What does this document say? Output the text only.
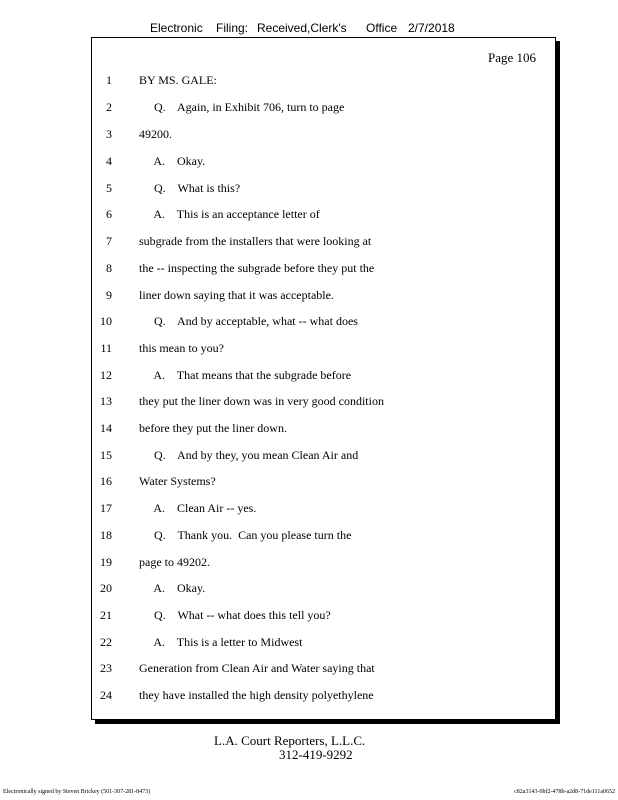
Electronic Filing: Received,Clerk's Office 2/7/2018
Page 106
1 BY MS. GALE:
2 Q.    Again, in Exhibit 706, turn to page
3 49200.
4 A.    Okay.
5 Q.    What is this?
6 A.    This is an acceptance letter of
7 subgrade from the installers that were looking at
8 the -- inspecting the subgrade before they put the
9 liner down saying that it was acceptable.
10 Q.    And by acceptable, what -- what does
11 this mean to you?
12 A.    That means that the subgrade before
13 they put the liner down was in very good condition
14 before they put the liner down.
15 Q.    And by they, you mean Clean Air and
16 Water Systems?
17 A.    Clean Air -- yes.
18 Q.    Thank you.  Can you please turn the
19 page to 49202.
20 A.    Okay.
21 Q.    What -- what does this tell you?
22 A.    This is a letter to Midwest
23 Generation from Clean Air and Water saying that
24 they have installed the high density polyethylene
L.A. Court Reporters, L.L.C.
312-419-9292
Electronically signed by Steven Brickey (501-307-281-8473)	c82a3143-0bf2-478b-a2d8-71de111a0652
